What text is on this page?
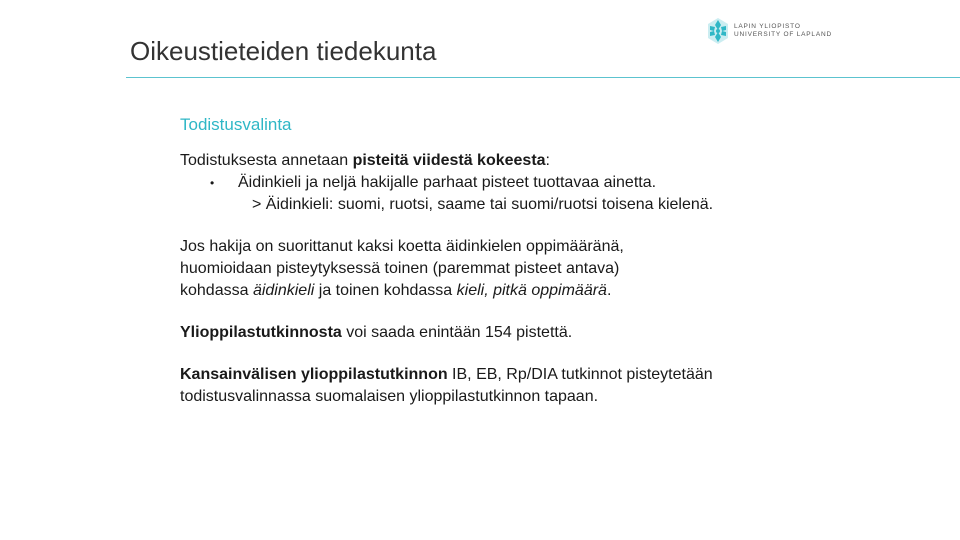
Oikeustieteiden tiedekunta
LAPIN YLIOPISTO
UNIVERSITY OF LAPLAND
Todistusvalinta
Todistuksesta annetaan pisteitä viidestä kokeesta:
•	Äidinkieli ja neljä hakijalle parhaat pisteet tuottavaa ainetta.
> Äidinkieli: suomi, ruotsi, saame tai suomi/ruotsi toisena kielenä.
Jos hakija on suorittanut kaksi koetta äidinkielen oppimääränä,
huomioidaan pisteytyksessä toinen (paremmat pisteet antava)
kohdassa äidinkieli ja toinen kohdassa kieli, pitkä oppimäärä.
Ylioppilastutkinnosta voi saada enintään 154 pistettä.
Kansainvälisen ylioppilastutkinnon IB, EB, Rp/DIA tutkinnot pisteytetään
todistusvalinnassa suomalaisen ylioppilastutkinnon tapaan.
